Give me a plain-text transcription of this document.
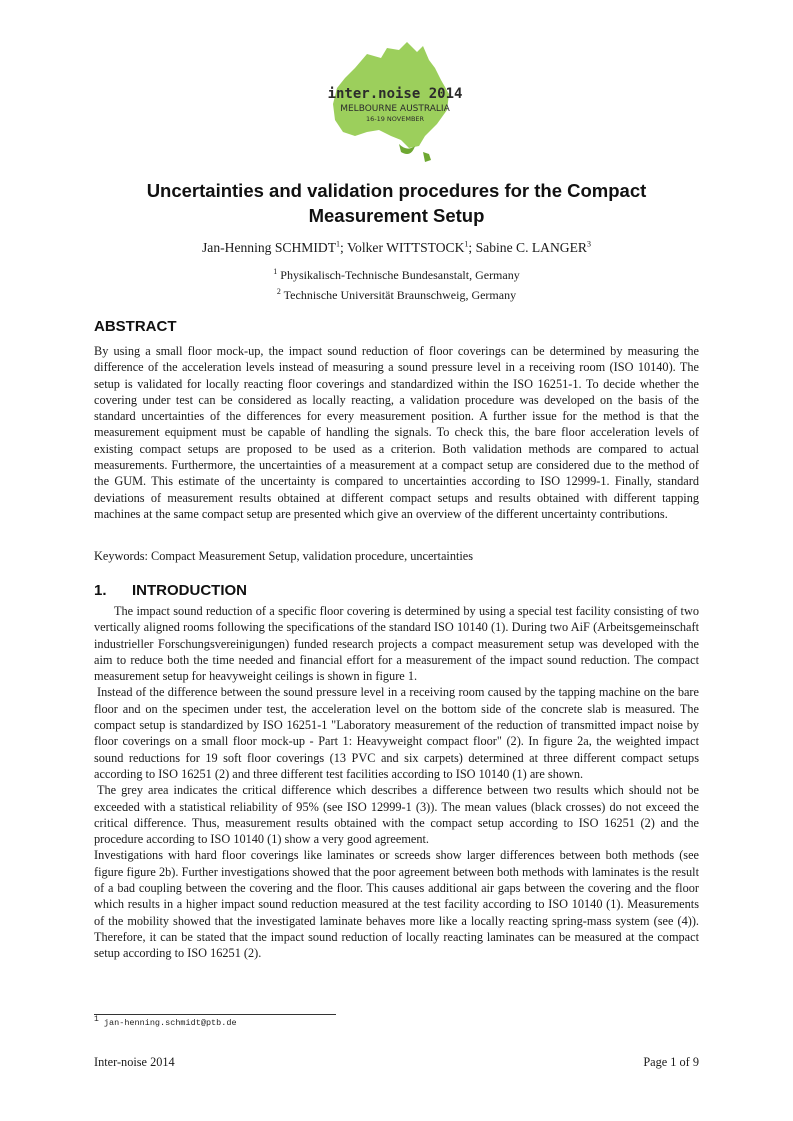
inter.noise 2014
MELBOURNE AUSTRALIA
16-19 NOVEMBER
Uncertainties and validation procedures for the Compact
Measurement Setup
Jan-Henning SCHMIDT$^1$; Volker WITTSTOCK$^1$; Sabine C. LANGER$^3$
$^1$ Physikalisch-Technische Bundesanstalt, Germany
$^2$ Technische Universität Braunschweig, Germany
ABSTRACT

By using a small floor mock-up, the impact sound reduction of floor coverings can be determined by measuring the difference of the acceleration levels instead of measuring a sound pressure level in a receiving room (ISO 10140). The setup is validated for locally reacting floor coverings and standardized within the ISO 16251-1. To decide whether the covering under test can be considered as locally reacting, a validation procedure was developed on the basis of the standard uncertainties of the differences for every measurement position. A further issue for the method is that the measurement equipment must be capable of handling the signals. To check this, the bare floor acceleration levels of existing compact setups are proposed to be used as a criterion. Both validation methods are compared to actual measurements. Furthermore, the uncertainties of a measurement at a compact setup are considered due to the method of the GUM. This estimate of the uncertainty is compared to uncertainties according to ISO 12999-1. Finally, standard deviations of measurement results obtained at different compact setups and results obtained with different tapping machines at the same compact setup are presented which give an overview of the different uncertainty contributions.

Keywords: Compact Measurement Setup, validation procedure, uncertainties

1. INTRODUCTION

The impact sound reduction of a specific floor covering is determined by using a special test facility consisting of two vertically aligned rooms following the specifications of the standard ISO 10140 (1). During two AiF (Arbeitsgemeinschaft industrieller Forschungsvereinigungen) funded research projects a compact measurement setup was developed with the aim to reduce both the time needed and financial effort for a measurement of the impact sound reduction. The compact measurement setup for heavyweight ceilings is shown in figure 1.

Instead of the difference between the sound pressure level in a receiving room caused by the tapping machine on the bare floor and on the specimen under test, the acceleration level on the bottom side of the concrete slab is measured. The compact setup is standardized by ISO 16251-1 "Laboratory measurement of the reduction of transmitted impact noise by floor coverings on a small floor mock-up - Part 1: Heavyweight compact floor" (2). In figure 2a, the weighted impact sound reductions for 19 soft floor coverings (13 PVC and six carpets) determined at three different compact setups according to ISO 16251 (2) and three different test facilities according to ISO 10140 (1) are shown.

The grey area indicates the critical difference which describes a difference between two results which should not be exceeded with a statistical reliability of 95% (see ISO 12999-1 (3)). The mean values (black crosses) do not exceed the critical difference. Thus, measurement results obtained with the compact setup according to ISO 16251 (2) and the procedure according to ISO 10140 (1) show a very good agreement.

Investigations with hard floor coverings like laminates or screeds show larger differences between both methods (see figure figure 2b). Further investigations showed that the poor agreement between both methods with laminates is the result of a bad coupling between the covering and the floor. This causes additional air gaps between the covering and the floor which results in a higher impact sound reduction measured at the test facility according to ISO 10140 (1). Measurements of the mobility showed that the investigated laminate behaves more like a locally reacting spring-mass system (see (4)). Therefore, it can be stated that the impact sound reduction of locally reacting laminates can be measured at the compact setup according to ISO 16251 (2).

$^1$ jan-henning.schmidt@ptb.de
Inter-noise 2014	Page 1 of 9
